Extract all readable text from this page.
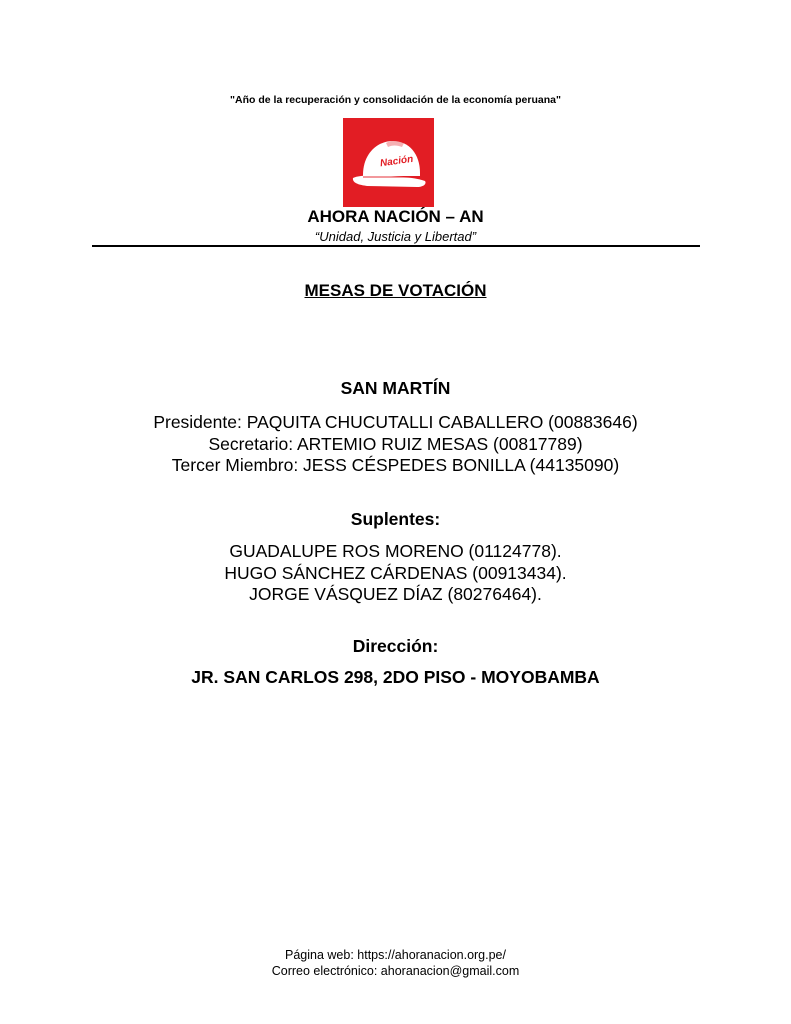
"Año de la recuperación y consolidación de la economía peruana"
Nación
AHORA NACIÓN – AN
“Unidad, Justicia y Libertad”
MESAS DE VOTACIÓN
SAN MARTÍN
Presidente: PAQUITA CHUCUTALLI CABALLERO (00883646)
Secretario: ARTEMIO RUIZ MESAS (00817789)
Tercer Miembro: JESS CÉSPEDES BONILLA (44135090)
Suplentes:
GUADALUPE ROS MORENO (01124778).
HUGO SÁNCHEZ CÁRDENAS (00913434).
JORGE VÁSQUEZ DÍAZ (80276464).
Dirección:
JR. SAN CARLOS 298, 2DO PISO - MOYOBAMBA
Página web: https://ahoranacion.org.pe/
Correo electrónico: ahoranacion@gmail.com
